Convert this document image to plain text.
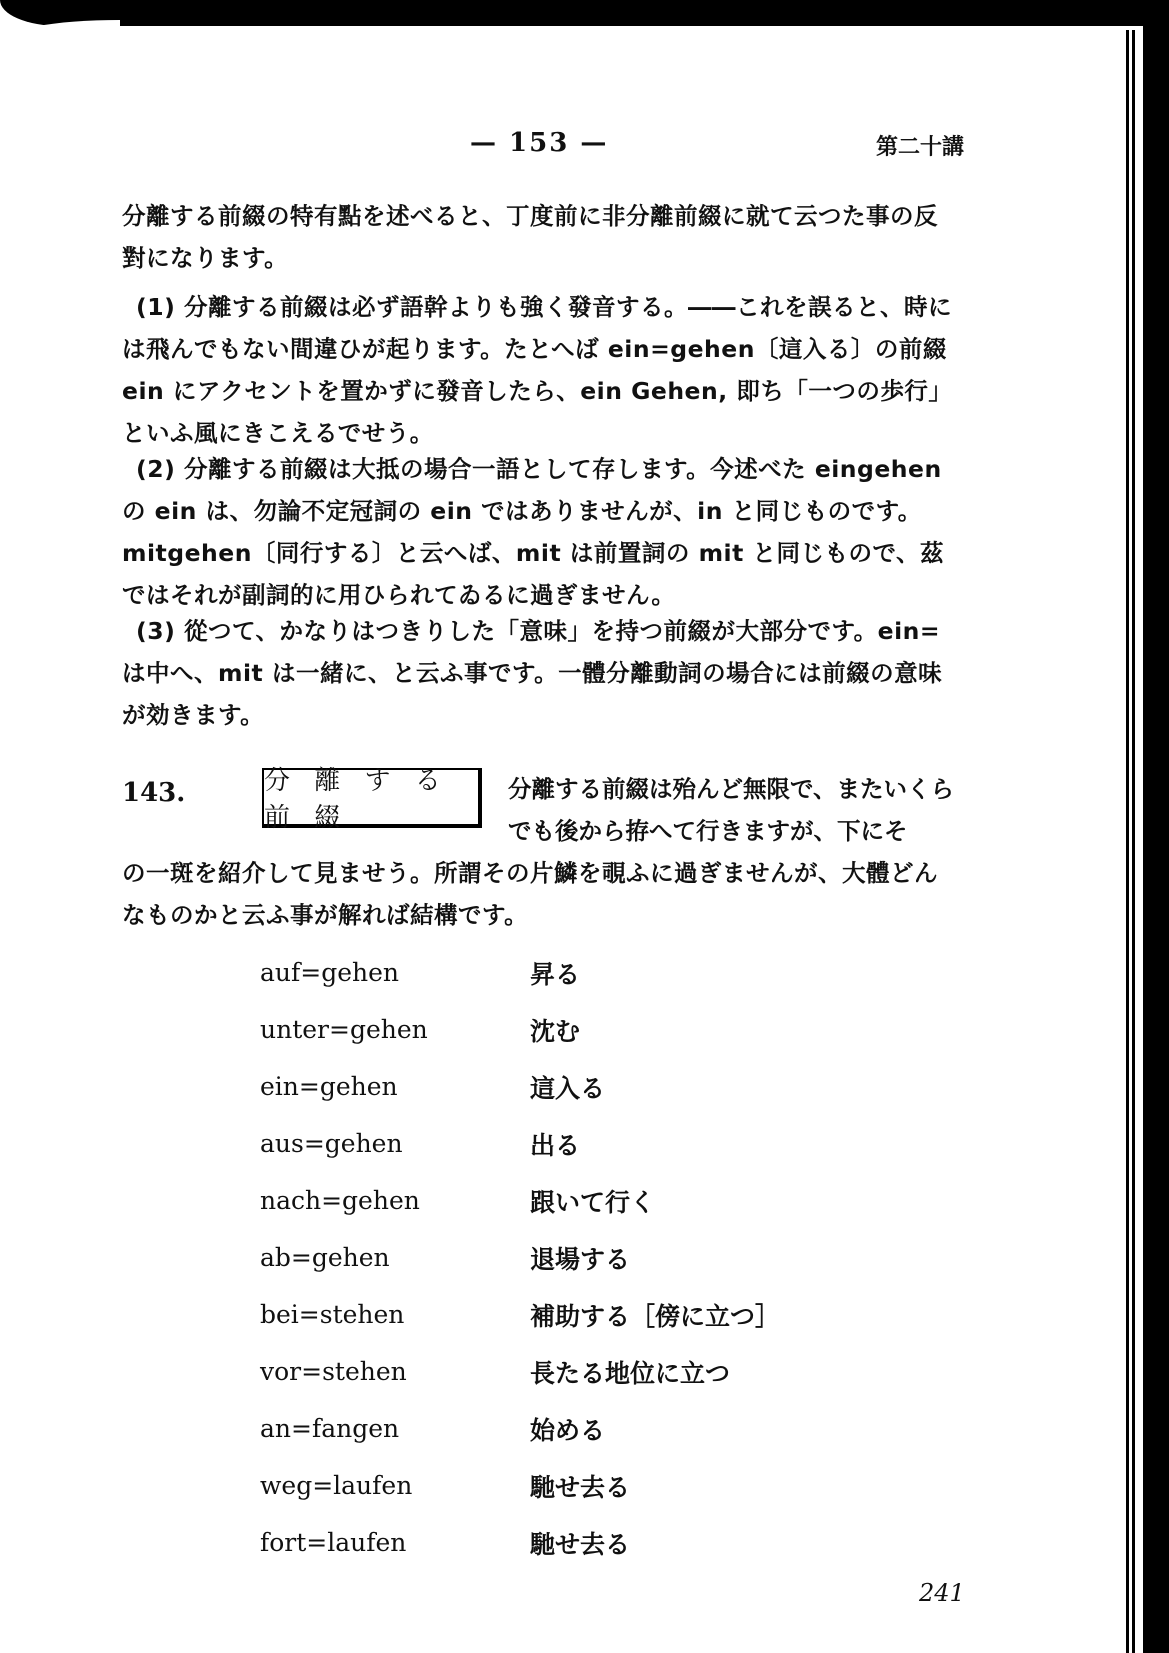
— 153 —	第二十講
分離する前綴の特有點を述べると、丁度前に非分離前綴に就て云つた事の反對になります。
(1) 分離する前綴は必ず語幹よりも強く發音する。――これを誤ると、時には飛んでもない間違ひが起ります。たとへば ein=gehen〔這入る〕の前綴 ein にアクセントを置かずに發音したら、ein Gehen, 即ち「一つの歩行」といふ風にきこえるでせう。
(2) 分離する前綴は大抵の場合一語として存します。今述べた eingehen の ein は、勿論不定冠詞の ein ではありませんが、in と同じものです。mitgehen〔同行する〕と云へば、mit は前置詞の mit と同じもので、茲ではそれが副詞的に用ひられてゐるに過ぎません。
(3) 從つて、かなりはつきりした「意味」を持つ前綴が大部分です。ein= は中へ、mit は一緒に、と云ふ事です。一體分離動詞の場合には前綴の意味が効きます。
143.	分 離 す る 前 綴
分離する前綴は殆んど無限で、またいくらでも後から拵へて行きますが、下にそ
の一斑を紹介して見ませう。所謂その片鱗を覗ふに過ぎませんが、大體どんなものかと云ふ事が解れば結構です。
auf=gehen	昇る
unter=gehen	沈む
ein=gehen	這入る
aus=gehen	出る
nach=gehen	跟いて行く
ab=gehen	退場する
bei=stehen	補助する［傍に立つ］
vor=stehen	長たる地位に立つ
an=fangen	始める
weg=laufen	馳せ去る
fort=laufen	馳せ去る
241
